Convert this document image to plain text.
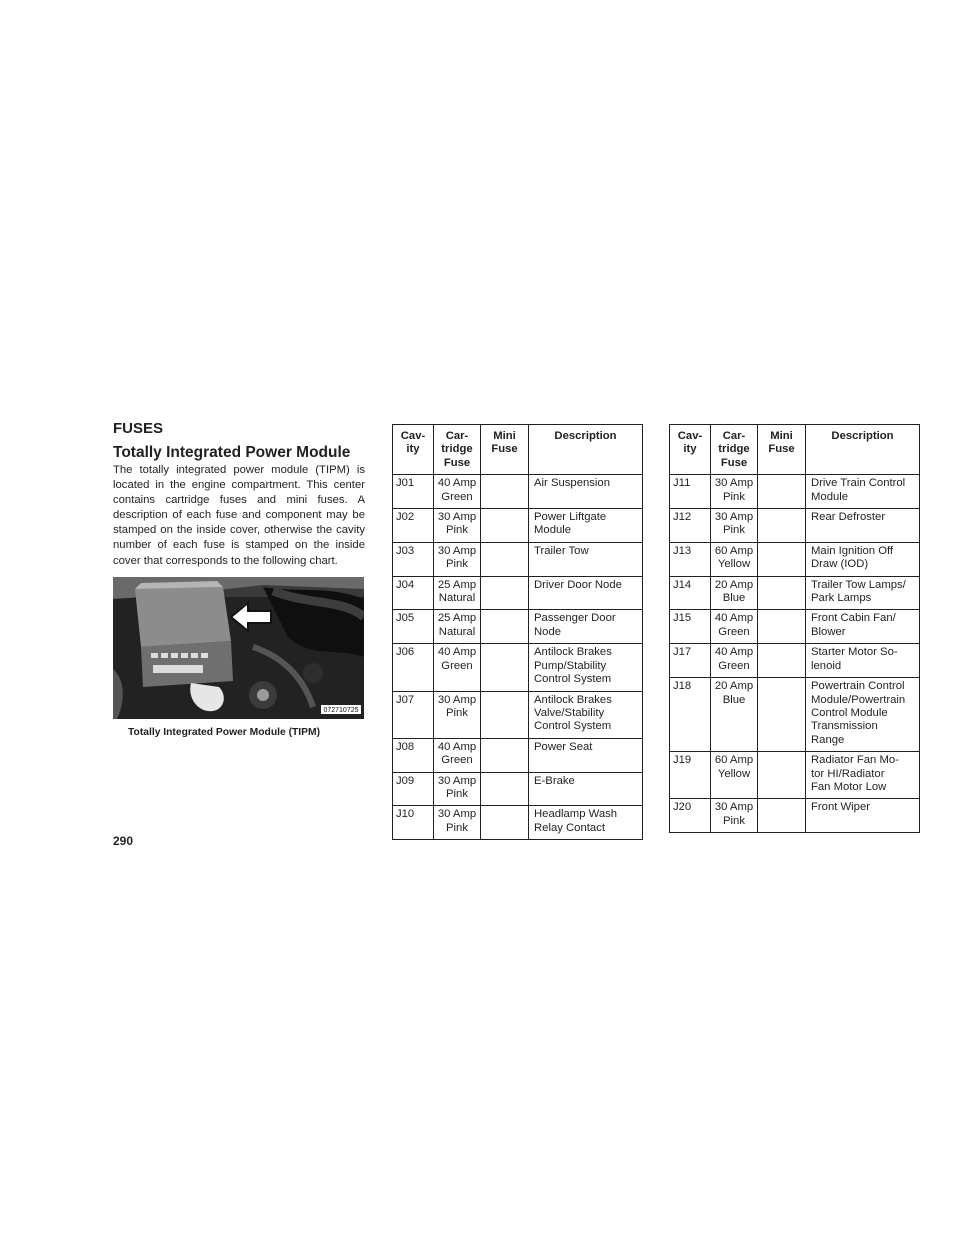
FUSES
Totally Integrated Power Module

The totally integrated power module (TIPM) is located in the engine compartment. This center contains cartridge fuses and mini fuses. A description of each fuse and component may be stamped on the inside cover, otherwise the cavity number of each fuse is stamped on the inside cover that corresponds to the following chart.

072710725

Totally Integrated Power Module (TIPM)

Cav-
ity	Car-
tridge
Fuse	Mini
Fuse	Description
J01	40 Amp
Green		Air Suspension
J02	30 Amp
Pink		Power Liftgate
Module
J03	30 Amp
Pink		Trailer Tow
J04	25 Amp
Natural		Driver Door Node
J05	25 Amp
Natural		Passenger Door
Node
J06	40 Amp
Green		Antilock Brakes
Pump/Stability
Control System
J07	30 Amp
Pink		Antilock Brakes
Valve/Stability
Control System
J08	40 Amp
Green		Power Seat
J09	30 Amp
Pink		E-Brake
J10	30 Amp
Pink		Headlamp Wash
Relay Contact
Cav-
ity	Car-
tridge
Fuse	Mini
Fuse	Description
J11	30 Amp
Pink		Drive Train Control
Module
J12	30 Amp
Pink		Rear Defroster
J13	60 Amp
Yellow		Main Ignition Off
Draw (IOD)
J14	20 Amp
Blue		Trailer Tow Lamps/
Park Lamps
J15	40 Amp
Green		Front Cabin Fan/
Blower
J17	40 Amp
Green		Starter Motor So-
lenoid
J18	20 Amp
Blue		Powertrain Control
Module/Powertrain
Control Module
Transmission
Range
J19	60 Amp
Yellow		Radiator Fan Mo-
tor HI/Radiator
Fan Motor Low
J20	30 Amp
Pink		Front Wiper
290
